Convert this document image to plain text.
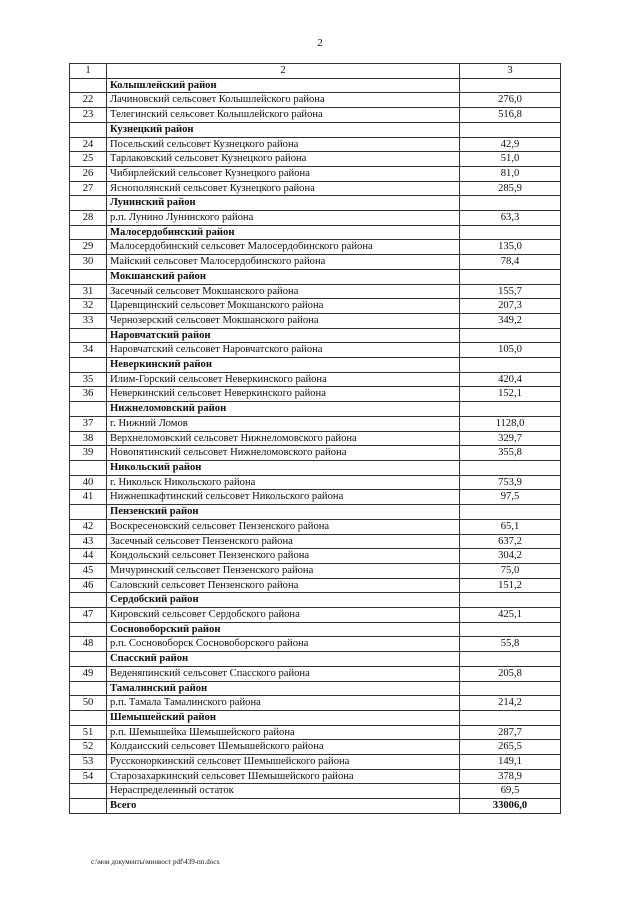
2
1	2	3
	Колышлейский район	
22	Лачиновский сельсовет Колышлейского района	276,0
23	Телегинский сельсовет Колышлейского района	516,8
	Кузнецкий район	
24	Посельский сельсовет Кузнецкого района	42,9
25	Тарлаковский сельсовет Кузнецкого района	51,0
26	Чибирлейский сельсовет Кузнецкого района	81,0
27	Яснополянский сельсовет Кузнецкого района	285,9
	Лунинский район	
28	р.п. Лунино Лунинского района	63,3
	Малосердобинский район	
29	Малосердобинский сельсовет Малосердобинского района	135,0
30	Майский сельсовет Малосердобинского района	78,4
	Мокшанский район	
31	Засечный сельсовет Мокшанского района	155,7
32	Царевщинский сельсовет Мокшанского района	207,3
33	Чернозерский сельсовет Мокшанского района	349,2
	Наровчатский район	
34	Наровчатский сельсовет Наровчатского района	105,0
	Неверкинский район	
35	Илим-Горский сельсовет Неверкинского района	420,4
36	Неверкинский сельсовет Неверкинского района	152,1
	Нижнеломовский район	
37	г. Нижний Ломов	1128,0
38	Верхнеломовский сельсовет Нижнеломовского района	329,7
39	Новопятинский сельсовет Нижнеломовского района	355,8
	Никольский район	
40	г. Никольск Никольского района	753,9
41	Нижнешкафтинский сельсовет Никольского района	97,5
	Пензенский район	
42	Воскресеновский сельсовет Пензенского района	65,1
43	Засечный сельсовет Пензенского района	637,2
44	Кондольский сельсовет Пензенского района	304,2
45	Мичуринский сельсовет Пензенского района	75,0
46	Саловский сельсовет Пензенского района	151,2
	Сердобский район	
47	Кировский сельсовет Сердобского района	425,1
	Сосновоборский район	
48	р.п. Сосновоборск Сосновоборского района	55,8
	Спасский район	
49	Веденяпинский сельсовет Спасского района	205,8
	Тамалинский район	
50	р.п. Тамала Тамалинского района	214,2
	Шемышейский район	
51	р.п. Шемышейка Шемышейского района	287,7
52	Колдаисский сельсовет Шемышейского района	265,5
53	Руссконоркинский сельсовет Шемышейского района	149,1
54	Старозахаркинский сельсовет Шемышейского района	378,9
	Нераспределенный остаток	69,5
	Всего	33006,0
c:\мои документы\минвост pdf\439-пп.docx
